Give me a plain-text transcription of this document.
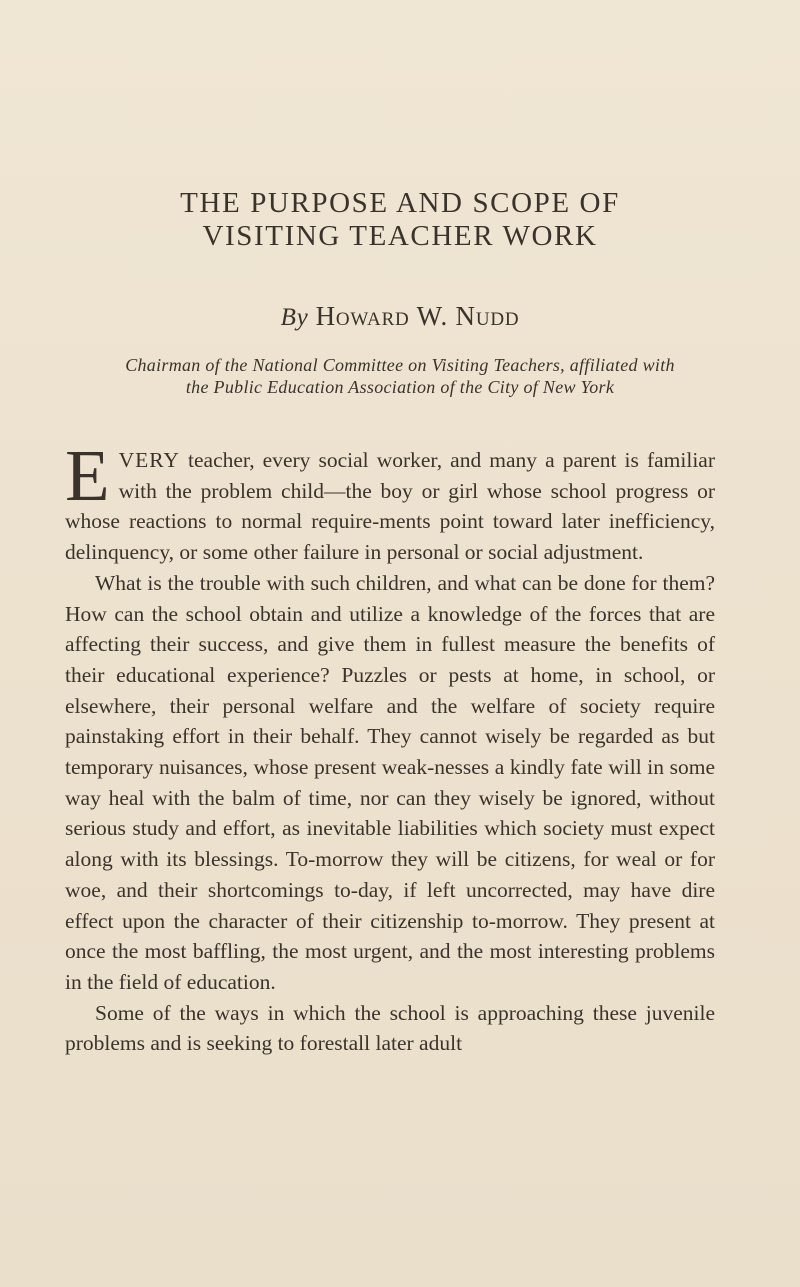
THE PURPOSE AND SCOPE OF
VISITING TEACHER WORK
By Howard W. Nudd
Chairman of the National Committee on Visiting Teachers, affiliated with
the Public Education Association of the City of New York

EVERY teacher, every social worker, and many a parent is familiar with the problem child—the boy or girl whose school progress or whose reactions to normal require-ments point toward later inefficiency, delinquency, or some other failure in personal or social adjustment.

What is the trouble with such children, and what can be done for them? How can the school obtain and utilize a knowledge of the forces that are affecting their success, and give them in fullest measure the benefits of their educational experience? Puzzles or pests at home, in school, or elsewhere, their personal welfare and the welfare of society require painstaking effort in their behalf. They cannot wisely be regarded as but temporary nuisances, whose present weak-nesses a kindly fate will in some way heal with the balm of time, nor can they wisely be ignored, without serious study and effort, as inevitable liabilities which society must expect along with its blessings. To-morrow they will be citizens, for weal or for woe, and their shortcomings to-day, if left uncorrected, may have dire effect upon the character of their citizenship to-morrow. They present at once the most baffling, the most urgent, and the most interesting problems in the field of education.

Some of the ways in which the school is approaching these juvenile problems and is seeking to forestall later adult
